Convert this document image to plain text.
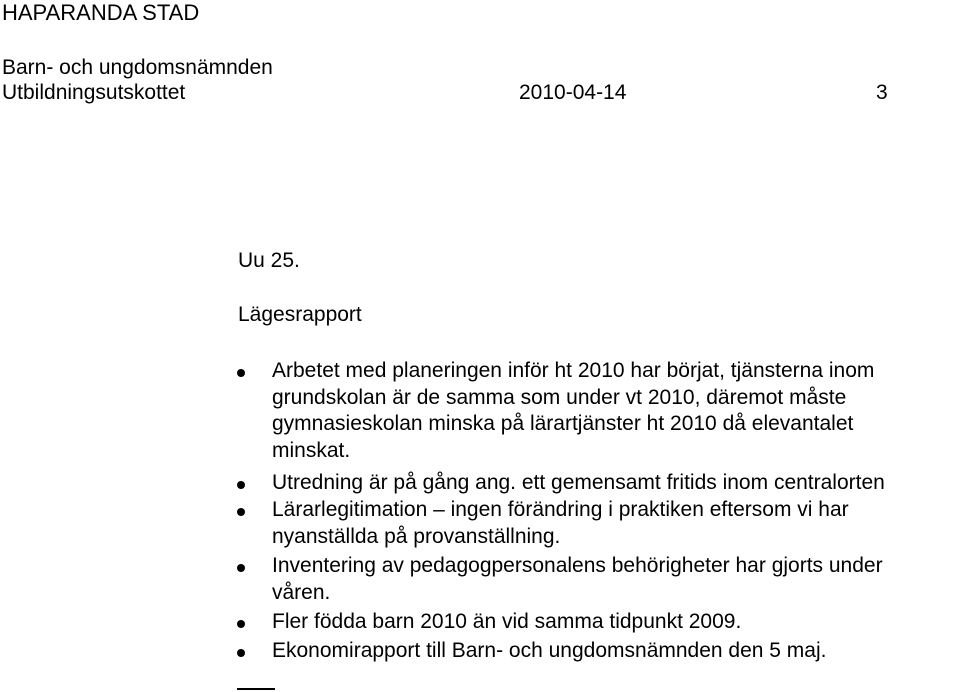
HAPARANDA STAD
Barn- och ungdomsnämnden
Utbildningsutskottet	2010-04-14	3
Uu 25.
Lägesrapport
Arbetet med planeringen inför ht 2010 har börjat, tjänsterna inom
grundskolan är de samma som under vt 2010, däremot måste
gymnasieskolan minska på lärartjänster ht 2010 då elevantalet
minskat.
Utredning är på gång ang. ett gemensamt fritids inom centralorten
Lärarlegitimation – ingen förändring i praktiken eftersom vi har
nyanställda på provanställning.
Inventering av pedagogpersonalens behörigheter har gjorts under
våren.
Fler födda barn 2010 än vid samma tidpunkt 2009.
Ekonomirapport till Barn- och ungdomsnämnden den 5 maj.
